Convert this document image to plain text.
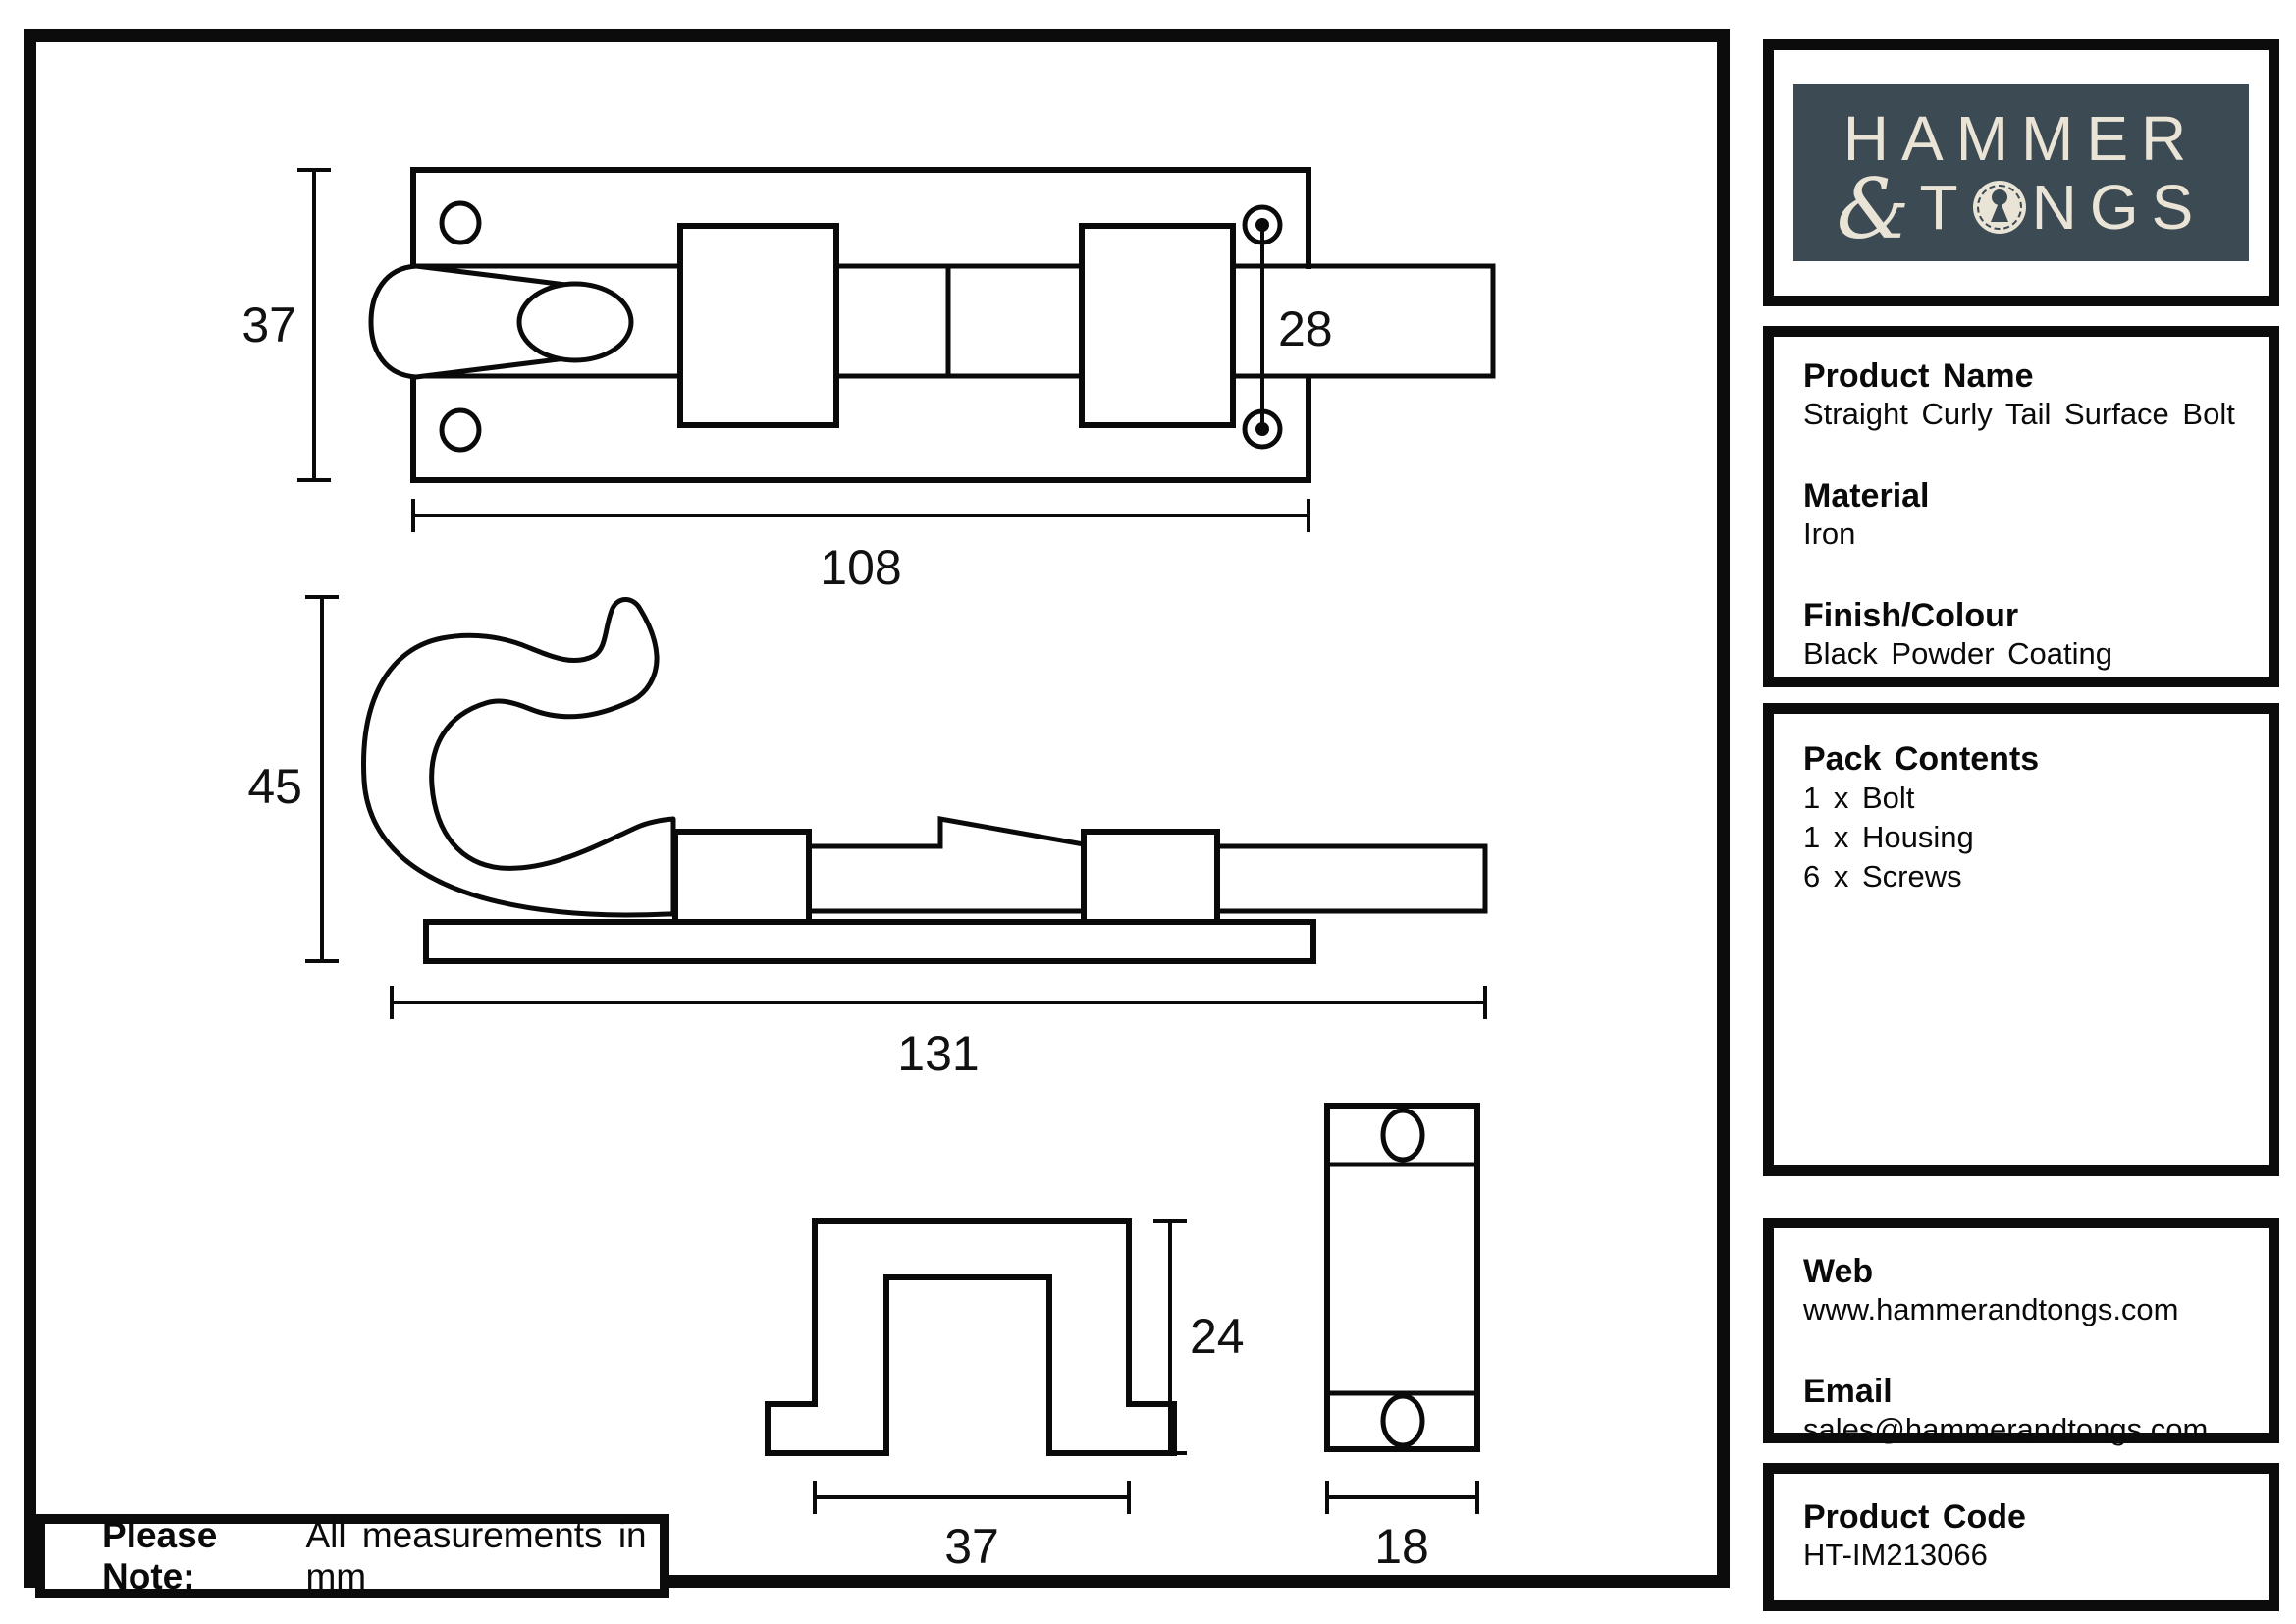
28
37
108
45
131
37
24
18
Please Note:
All measurements in mm
HAMMER
& T NGS
Product Name
Straight Curly Tail Surface Bolt
Material
Iron
Finish/Colour
Black Powder Coating
Pack Contents
1 x Bolt
1 x Housing
6 x Screws
Web
www.hammerandtongs.com
Email
sales@hammerandtongs.com
Product Code
HT-IM213066
